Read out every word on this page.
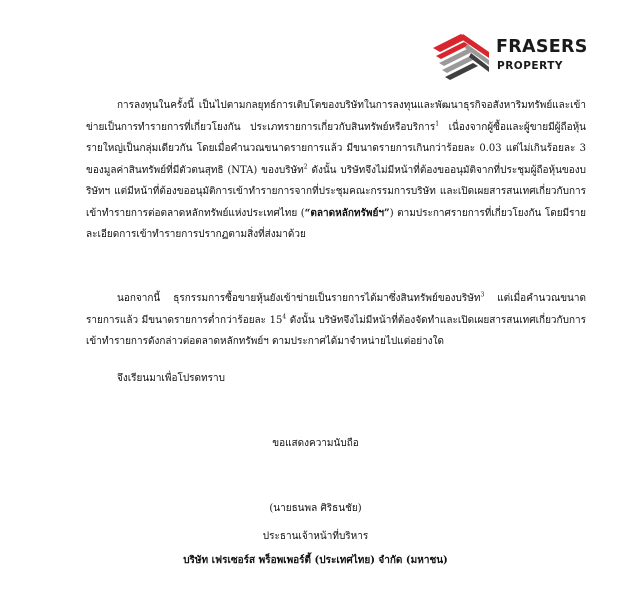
FRASERS
PROPERTY

การลงทุนในครั้งนี้ เป็นไปตามกลยุทธ์การเติบโตของบริษัทในการลงทุนและพัฒนาธุรกิจอสังหาริมทรัพย์และเข้าข่ายเป็นการทำรายการที่เกี่ยวโยงกัน ประเภทรายการเกี่ยวกับสินทรัพย์หรือบริการ$^1$ เนื่องจากผู้ซื้อและผู้ขายมีผู้ถือหุ้นรายใหญ่เป็นกลุ่มเดียวกัน โดยเมื่อคำนวณขนาดรายการแล้ว มีขนาดรายการเกินกว่าร้อยละ 0.03 แต่ไม่เกินร้อยละ 3 ของมูลค่าสินทรัพย์ที่มีตัวตนสุทธิ (NTA) ของบริษัท$^2$ ดังนั้น บริษัทจึงไม่มีหน้าที่ต้องขออนุมัติจากที่ประชุมผู้ถือหุ้นของบริษัทฯ แต่มีหน้าที่ต้องขออนุมัติการเข้าทำรายการจากที่ประชุมคณะกรรมการบริษัท และเปิดเผยสารสนเทศเกี่ยวกับการเข้าทำรายการต่อตลาดหลักทรัพย์แห่งประเทศไทย (“ตลาดหลักทรัพย์ฯ”) ตามประกาศรายการที่เกี่ยวโยงกัน โดยมีรายละเอียดการเข้าทำรายการปรากฏตามสิ่งที่ส่งมาด้วย

นอกจากนี้ ธุรกรรมการซื้อขายหุ้นยังเข้าข่ายเป็นรายการได้มาซึ่งสินทรัพย์ของบริษัท$^3$ แต่เมื่อคำนวณขนาดรายการแล้ว มีขนาดรายการต่ำกว่าร้อยละ $15^4$ ดังนั้น บริษัทจึงไม่มีหน้าที่ต้องจัดทำและเปิดเผยสารสนเทศเกี่ยวกับการเข้าทำรายการดังกล่าวต่อตลาดหลักทรัพย์ฯ ตามประกาศได้มาจำหน่ายไปแต่อย่างใด

จึงเรียนมาเพื่อโปรดทราบ

ขอแสดงความนับถือ

(นายธนพล ศิริธนชัย)

ประธานเจ้าหน้าที่บริหาร

บริษัท เฟรเซอร์ส พร็อพเพอร์ตี้ (ประเทศไทย) จำกัด (มหาชน)
